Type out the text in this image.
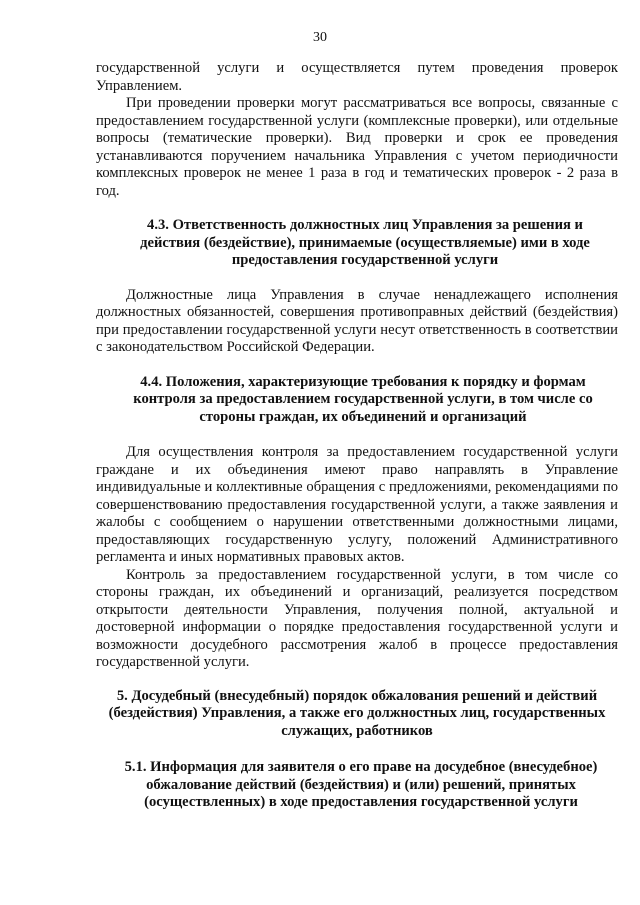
30

государственной услуги и осуществляется путем проведения проверок Управлением.

При проведении проверки могут рассматриваться все вопросы, связанные с предоставлением государственной услуги (комплексные проверки), или отдельные вопросы (тематические проверки). Вид проверки и срок ее проведения устанавливаются поручением начальника Управления с учетом периодичности комплексных проверок не менее 1 раза в год и тематических проверок - 2 раза в год.

4.3. Ответственность должностных лиц Управления за решения и действия (бездействие), принимаемые (осуществляемые) ими в ходе предоставления государственной услуги

Должностные лица Управления в случае ненадлежащего исполнения должностных обязанностей, совершения противоправных действий (бездействия) при предоставлении государственной услуги несут ответственность в соответствии с законодательством Российской Федерации.

4.4. Положения, характеризующие требования к порядку и формам контроля за предоставлением государственной услуги, в том числе со стороны граждан, их объединений и организаций

Для осуществления контроля за предоставлением государственной услуги граждане и их объединения имеют право направлять в Управление индивидуальные и коллективные обращения с предложениями, рекомендациями по совершенствованию предоставления государственной услуги, а также заявления и жалобы с сообщением о нарушении ответственными должностными лицами, предоставляющих государственную услугу, положений Административного регламента и иных нормативных правовых актов.

Контроль за предоставлением государственной услуги, в том числе со стороны граждан, их объединений и организаций, реализуется посредством открытости деятельности Управления, получения полной, актуальной и достоверной информации о порядке предоставления государственной услуги и возможности досудебного рассмотрения жалоб в процессе предоставления государственной услуги.

5. Досудебный (внесудебный) порядок обжалования решений и действий (бездействия) Управления, а также его должностных лиц, государственных служащих, работников
5.1. Информация для заявителя о его праве на досудебное (внесудебное) обжалование действий (бездействия) и (или) решений, принятых (осуществленных) в ходе предоставления государственной услуги
